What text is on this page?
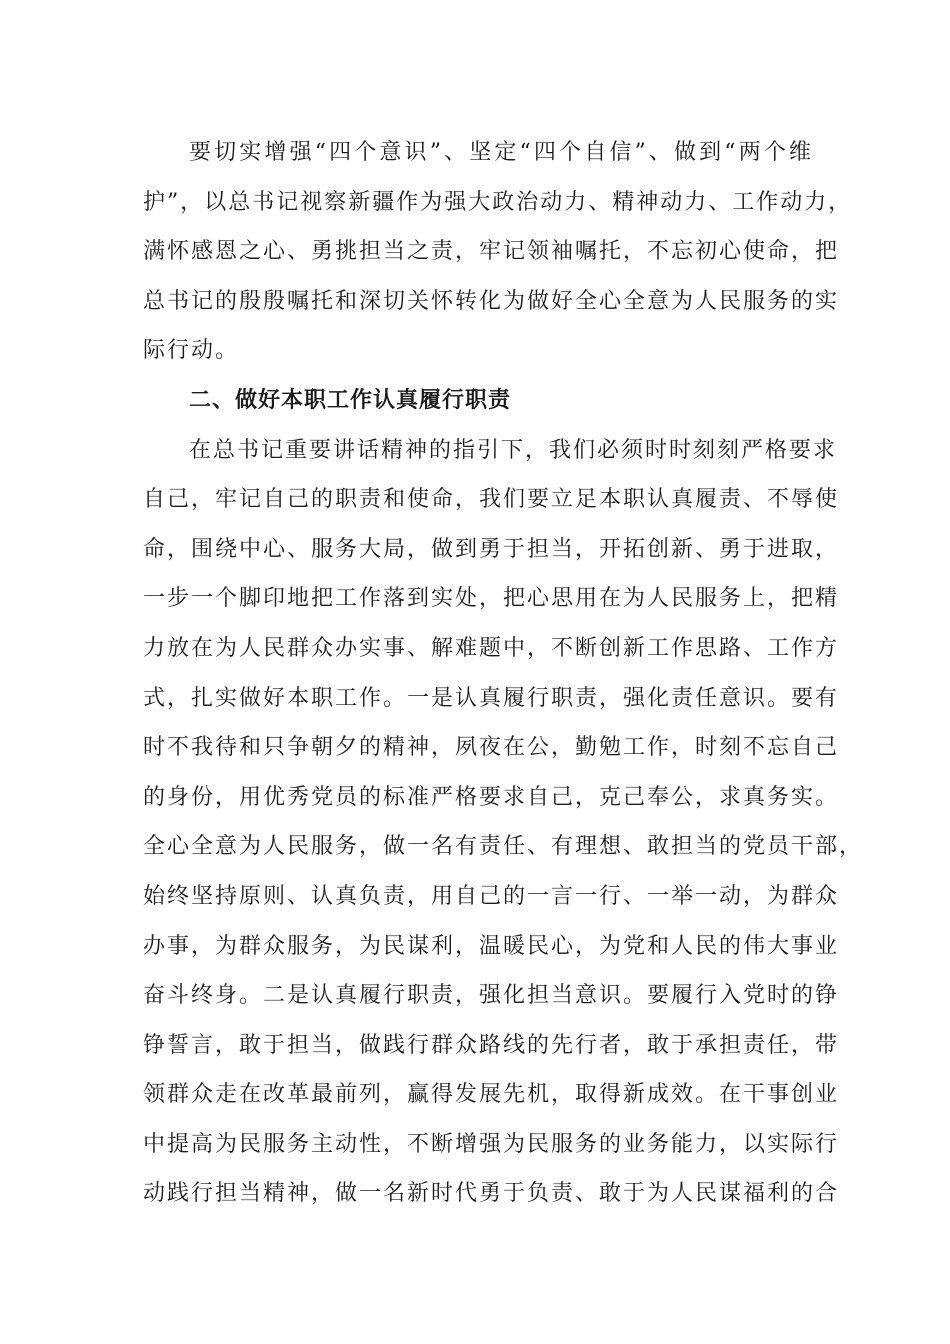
要切实增强“四个意识”、坚定“四个自信”、做到“两个维
护”，以总书记视察新疆作为强大政治动力、精神动力、工作动力，
满怀感恩之心、勇挑担当之责，牢记领袖嘱托，不忘初心使命，把
总书记的殷殷嘱托和深切关怀转化为做好全心全意为人民服务的实
际行动。
二、做好本职工作认真履行职责
在总书记重要讲话精神的指引下，我们必须时时刻刻严格要求
自己，牢记自己的职责和使命，我们要立足本职认真履责、不辱使
命，围绕中心、服务大局，做到勇于担当，开拓创新、勇于进取，
一步一个脚印地把工作落到实处，把心思用在为人民服务上，把精
力放在为人民群众办实事、解难题中，不断创新工作思路、工作方
式，扎实做好本职工作。一是认真履行职责，强化责任意识。要有
时不我待和只争朝夕的精神，夙夜在公，勤勉工作，时刻不忘自己
的身份，用优秀党员的标准严格要求自己，克己奉公，求真务实。
全心全意为人民服务，做一名有责任、有理想、敢担当的党员干部，
始终坚持原则、认真负责，用自己的一言一行、一举一动，为群众
办事，为群众服务，为民谋利，温暖民心，为党和人民的伟大事业
奋斗终身。二是认真履行职责，强化担当意识。要履行入党时的铮
铮誓言，敢于担当，做践行群众路线的先行者，敢于承担责任，带
领群众走在改革最前列，赢得发展先机，取得新成效。在干事创业
中提高为民服务主动性，不断增强为民服务的业务能力，以实际行
动践行担当精神，做一名新时代勇于负责、敢于为人民谋福利的合
